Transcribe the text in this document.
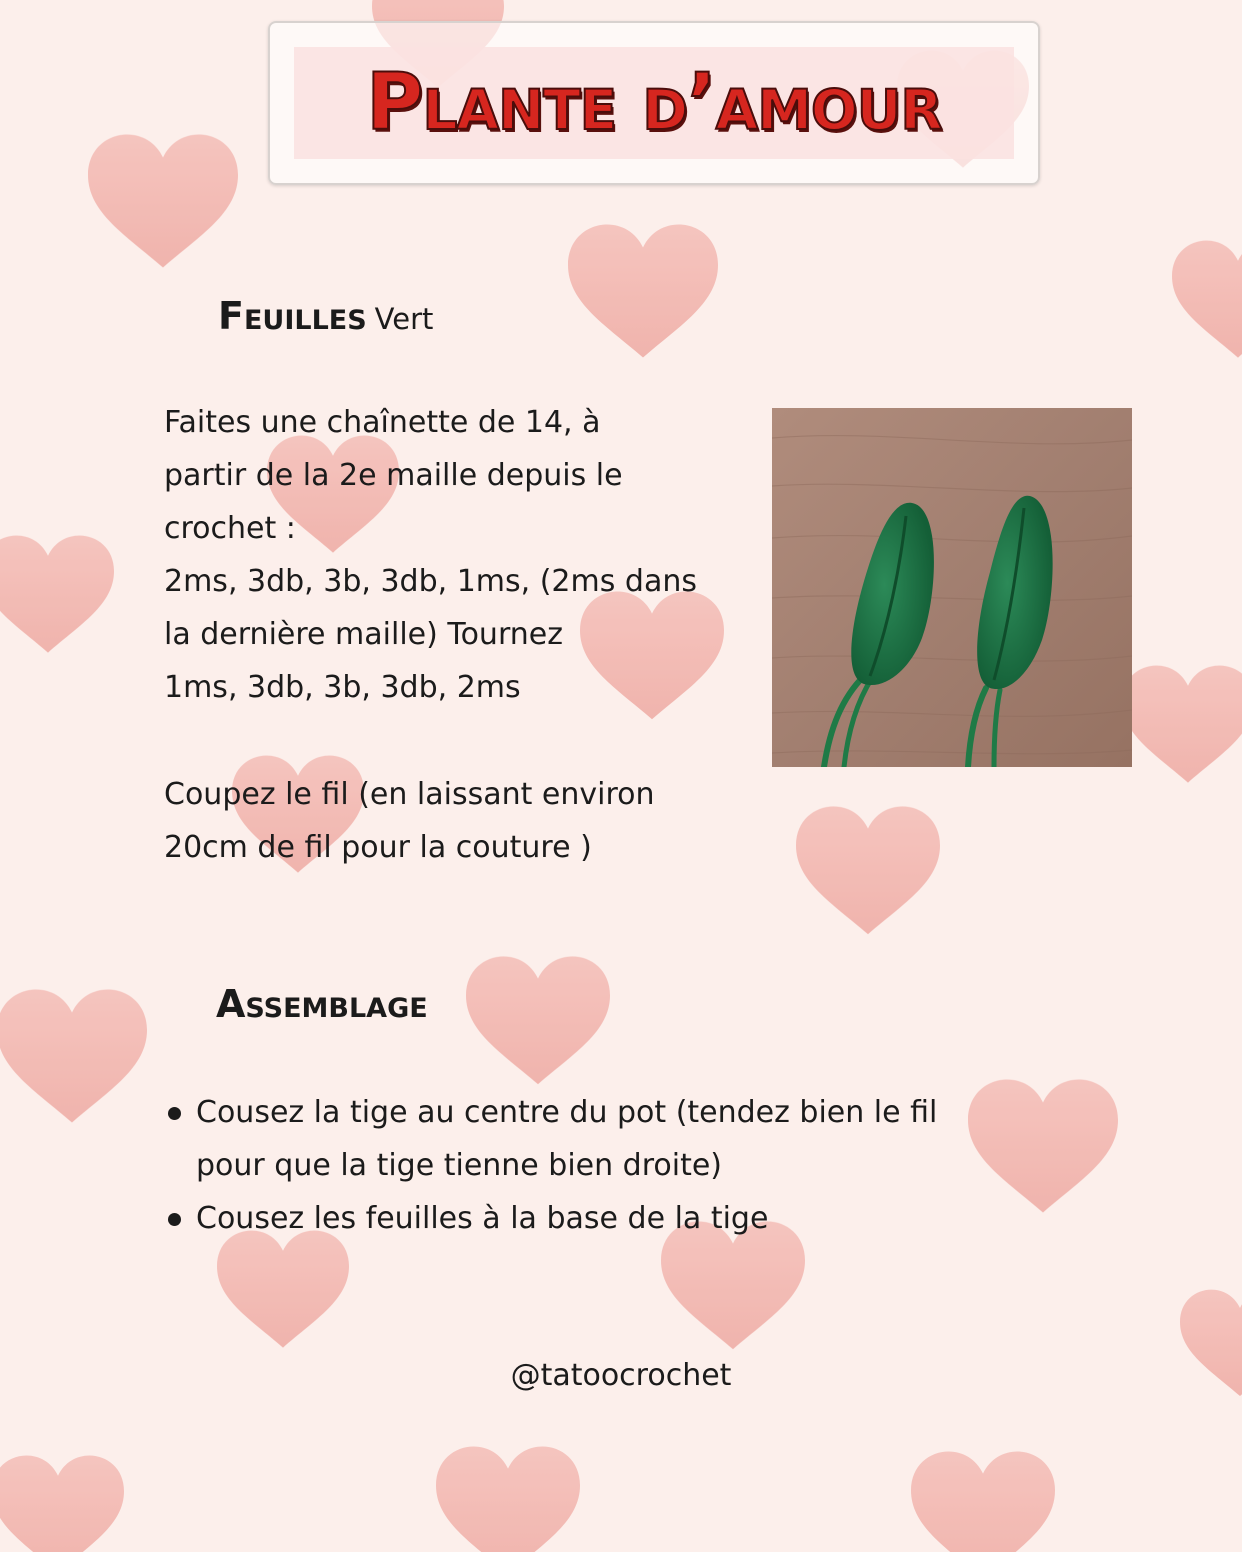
Plante d’amour
Feuilles Vert

Faites une chaînette de 14, à

partir de la 2e maille depuis le

crochet :

2ms, 3db, 3b, 3db, 1ms, (2ms dans

la dernière maille) Tournez

1ms, 3db, 3b, 3db, 2ms

Coupez le fil (en laissant environ

20cm de fil pour la couture )

Assemblage
Cousez la tige au centre du pot (tendez bien le fil
pour que la tige tienne bien droite)
Cousez les feuilles à la base de la tige
@tatoocrochet
